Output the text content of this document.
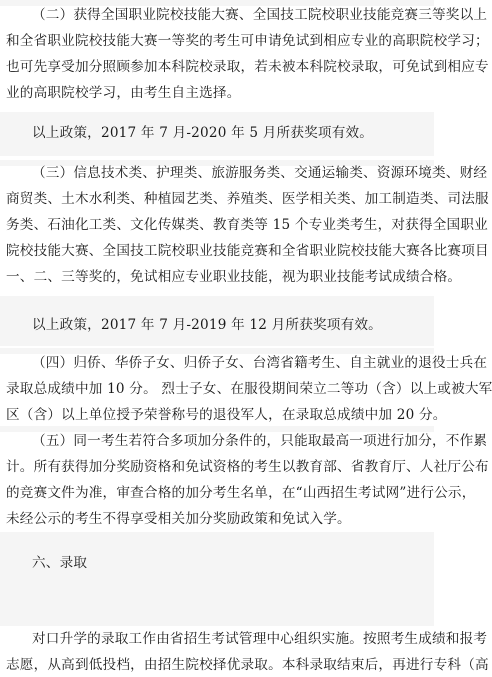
（二）获得全国职业院校技能大赛、全国技工院校职业技能竞赛三等奖以上
和全省职业院校技能大赛一等奖的考生可申请免试到相应专业的高职院校学习；
也可先享受加分照顾参加本科院校录取，若未被本科院校录取，可免试到相应专
业的高职院校学习，由考生自主选择。
以上政策，2017 年 7 月-2020 年 5 月所获奖项有效。
（三）信息技术类、护理类、旅游服务类、交通运输类、资源环境类、财经
商贸类、土木水利类、种植园艺类、养殖类、医学相关类、加工制造类、司法服
务类、石油化工类、文化传媒类、教育类等 15 个专业类考生，对获得全国职业
院校技能大赛、全国技工院校职业技能竞赛和全省职业院校技能大赛各比赛项目
一、二、三等奖的，免试相应专业职业技能，视为职业技能考试成绩合格。
以上政策，2017 年 7 月-2019 年 12 月所获奖项有效。
（四）归侨、华侨子女、归侨子女、台湾省籍考生、自主就业的退役士兵在
录取总成绩中加 10 分。 烈士子女、在服役期间荣立二等功（含）以上或被大军
区（含）以上单位授予荣誉称号的退役军人，在录取总成绩中加 20 分。
（五）同一考生若符合多项加分条件的，只能取最高一项进行加分，不作累
计。所有获得加分奖励资格和免试资格的考生以教育部、省教育厅、人社厅公布
的竞赛文件为准，审查合格的加分考生名单，在“山西招生考试网”进行公示，
未经公示的考生不得享受相关加分奖励政策和免试入学。
六、录取
对口升学的录取工作由省招生考试管理中心组织实施。按照考生成绩和报考
志愿，从高到低投档，由招生院校择优录取。本科录取结束后，再进行专科（高
